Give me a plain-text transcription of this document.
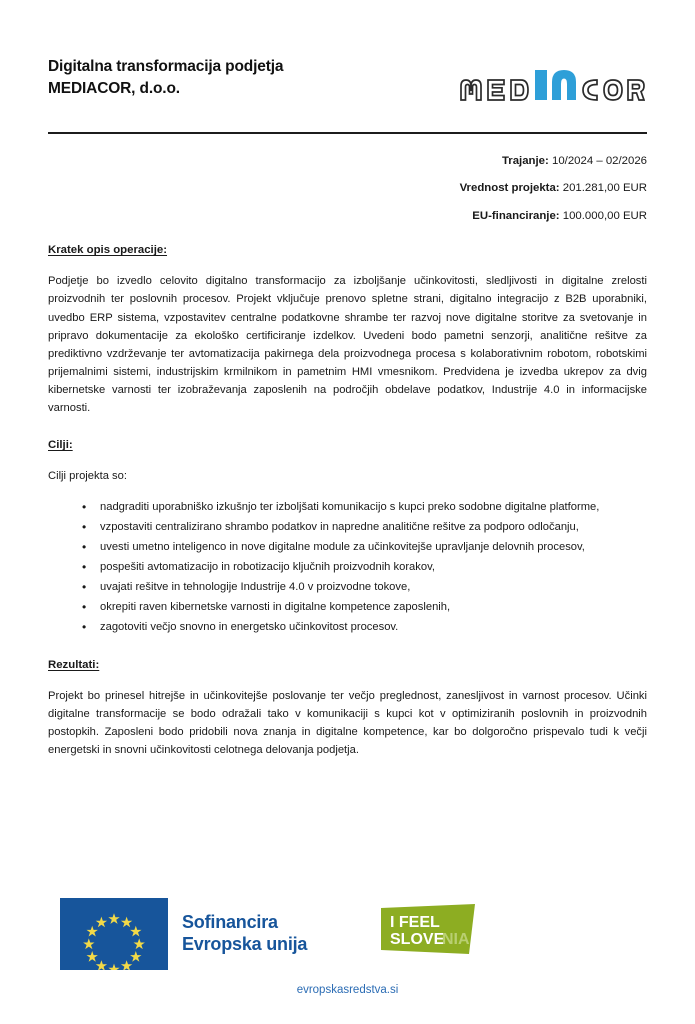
Digitalna transformacija podjetja
MEDIACOR, d.o.o.
Trajanje: 10/2024 – 02/2026
Vrednost projekta: 201.281,00 EUR
EU-financiranje: 100.000,00 EUR
Kratek opis operacije:

Podjetje bo izvedlo celovito digitalno transformacijo za izboljšanje učinkovitosti, sledljivosti in digitalne zrelosti proizvodnih ter poslovnih procesov. Projekt vključuje prenovo spletne strani, digitalno integracijo z B2B uporabniki, uvedbo ERP sistema, vzpostavitev centralne podatkovne shrambe ter razvoj nove digitalne storitve za svetovanje in pripravo dokumentacije za ekološko certificiranje izdelkov. Uvedeni bodo pametni senzorji, analitične rešitve za prediktivno vzdrževanje ter avtomatizacija pakirnega dela proizvodnega procesa s kolaborativnim robotom, robotskimi prijemalnimi sistemi, industrijskim krmilnikom in pametnim HMI vmesnikom. Predvidena je izvedba ukrepov za dvig kibernetske varnosti ter izobraževanja zaposlenih na področjih obdelave podatkov, Industrije 4.0 in informacijske varnosti.

Cilji:

Cilji projekta so:

• nadgraditi uporabniško izkušnjo ter izboljšati komunikacijo s kupci preko sodobne digitalne platforme,
• vzpostaviti centralizirano shrambo podatkov in napredne analitične rešitve za podporo odločanju,
• uvesti umetno inteligenco in nove digitalne module za učinkovitejše upravljanje delovnih procesov,
• pospešiti avtomatizacijo in robotizacijo ključnih proizvodnih korakov,
• uvajati rešitve in tehnologije Industrije 4.0 v proizvodne tokove,
• okrepiti raven kibernetske varnosti in digitalne kompetence zaposlenih,
• zagotoviti večjo snovno in energetsko učinkovitost procesov.
Rezultati:

Projekt bo prinesel hitrejše in učinkovitejše poslovanje ter večjo preglednost, zanesljivost in varnost procesov. Učinki digitalne transformacije se bodo odražali tako v komunikaciji s kupci kot v optimiziranih poslovnih in proizvodnih postopkih. Zaposleni bodo pridobili nova znanja in digitalne kompetence, kar bo dolgoročno prispevalo tudi k večji energetski in snovni učinkovitosti celotnega delovanja podjetja.

Sofinancira
Evropska unija
I FEEL
SLOVE
NIA
evropskasredstva.si
